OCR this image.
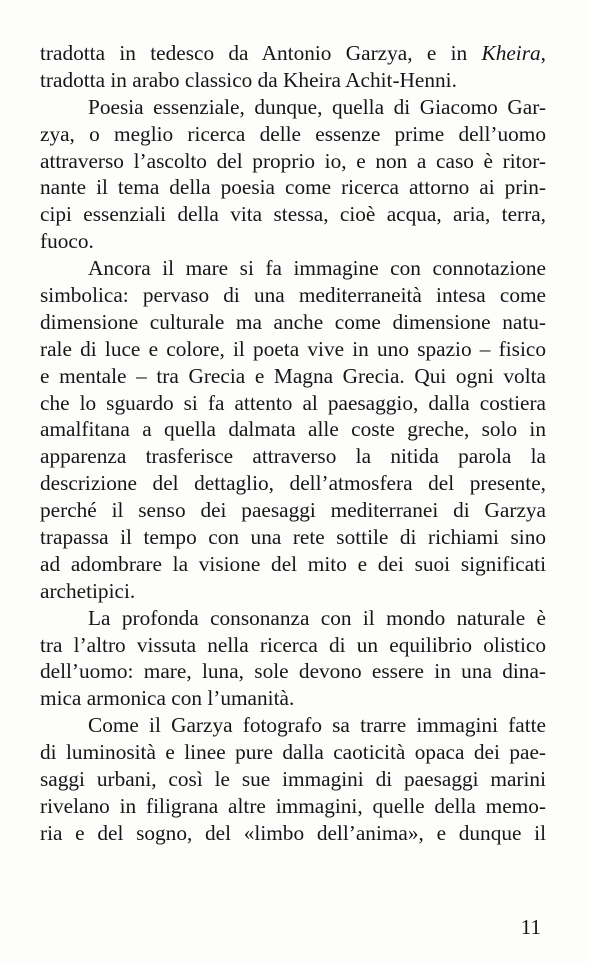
tradotta in tedesco da Antonio Garzya, e in Kheira,
tradotta in arabo classico da Kheira Achit-Henni.
Poesia essenziale, dunque, quella di Giacomo Gar-
zya, o meglio ricerca delle essenze prime dell’uomo
attraverso l’ascolto del proprio io, e non a caso è ritor-
nante il tema della poesia come ricerca attorno ai prin-
cipi essenziali della vita stessa, cioè acqua, aria, terra,
fuoco.
Ancora il mare si fa immagine con connotazione
simbolica: pervaso di una mediterraneità intesa come
dimensione culturale ma anche come dimensione natu-
rale di luce e colore, il poeta vive in uno spazio – fisico
e mentale – tra Grecia e Magna Grecia. Qui ogni volta
che lo sguardo si fa attento al paesaggio, dalla costiera
amalfitana a quella dalmata alle coste greche, solo in
apparenza trasferisce attraverso la nitida parola la
descrizione del dettaglio, dell’atmosfera del presente,
perché il senso dei paesaggi mediterranei di Garzya
trapassa il tempo con una rete sottile di richiami sino
ad adombrare la visione del mito e dei suoi significati
archetipici.
La profonda consonanza con il mondo naturale è
tra l’altro vissuta nella ricerca di un equilibrio olistico
dell’uomo: mare, luna, sole devono essere in una dina-
mica armonica con l’umanità.
Come il Garzya fotografo sa trarre immagini fatte
di luminosità e linee pure dalla caoticità opaca dei pae-
saggi urbani, così le sue immagini di paesaggi marini
rivelano in filigrana altre immagini, quelle della memo-
ria e del sogno, del «limbo dell’anima», e dunque il
11
